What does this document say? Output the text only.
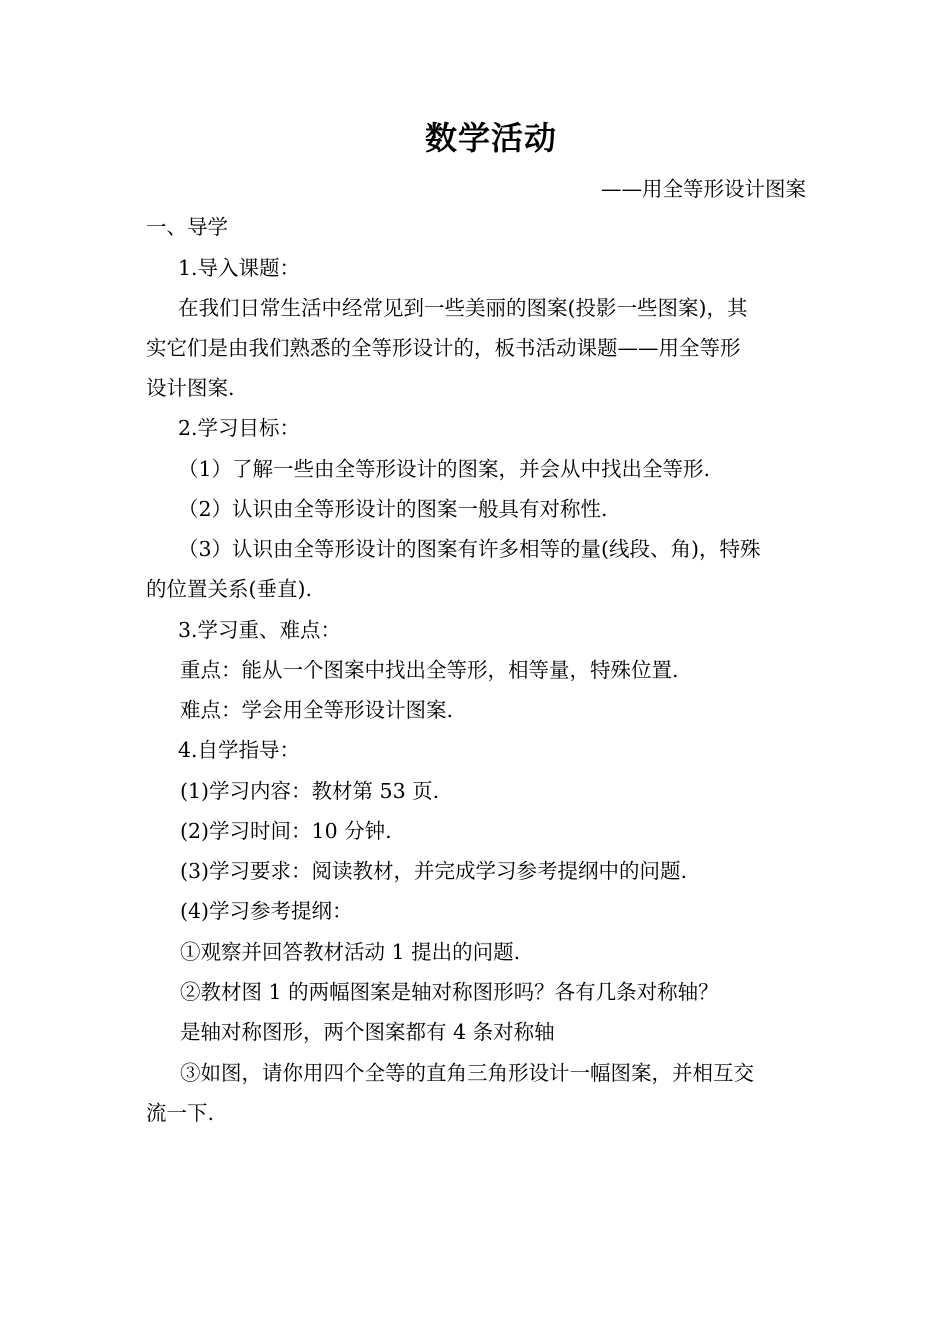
数学活动
——用全等形设计图案
一、导学
1.导入课题：
在我们日常生活中经常见到一些美丽的图案(投影一些图案)，其
实它们是由我们熟悉的全等形设计的，板书活动课题——用全等形
设计图案.
2.学习目标：
（1）了解一些由全等形设计的图案，并会从中找出全等形.
（2）认识由全等形设计的图案一般具有对称性.
（3）认识由全等形设计的图案有许多相等的量(线段、角)，特殊
的位置关系(垂直).
3.学习重、难点：
重点：能从一个图案中找出全等形，相等量，特殊位置.
难点：学会用全等形设计图案.
4.自学指导：
(1)学习内容：教材第 53 页.
(2)学习时间：10 分钟.
(3)学习要求：阅读教材，并完成学习参考提纲中的问题.
(4)学习参考提纲：
①观察并回答教材活动 1 提出的问题.
②教材图 1 的两幅图案是轴对称图形吗？各有几条对称轴？
是轴对称图形，两个图案都有 4 条对称轴
③如图，请你用四个全等的直角三角形设计一幅图案，并相互交
流一下.
